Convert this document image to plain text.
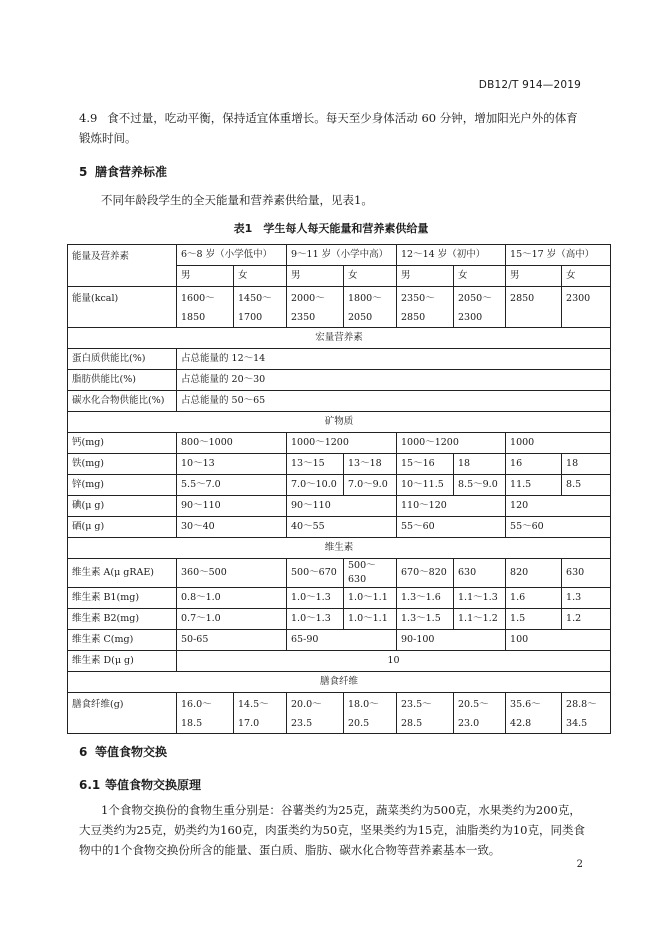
DB12/T 914—2019
4.9 食不过量，吃动平衡，保持适宜体重增长。每天至少身体活动 60 分钟，增加阳光户外的体育锻炼时间。
5 膳食营养标准
不同年龄段学生的全天能量和营养素供给量，见表1。
表1　学生每人每天能量和营养素供给量
能量及营养素	6～8 岁（小学低中）		9～11 岁（小学中高）		12～14 岁（初中）		15～17 岁（高中）	
	男	女	男	女	男	女	男	女
能量(kcal)	1600～1850	1450～1700	2000～2350	1800～2050	2350～2850	2050～2300	2850	2300
宏量营养素								
蛋白质供能比(%)	占总能量的 12～14							
脂肪供能比(%)	占总能量的 20～30							
碳水化合物供能比(%)	占总能量的 50～65							
矿物质								
钙(mg)	800～1000		1000～1200		1000～1200		1000	
铁(mg)	10～13		13～15	13～18	15～16	18	16	18
锌(mg)	5.5～7.0		7.0～10.0	7.0～9.0	10～11.5	8.5～9.0	11.5	8.5
碘(μ g)	90～110		90～110		110～120		120	
硒(μ g)	30～40		40～55		55～60		55～60	
维生素								
维生素 A(μ gRAE)	360～500		500～670	500～630	670～820	630	820	630
维生素 B1(mg)	0.8～1.0		1.0～1.3	1.0～1.1	1.3～1.6	1.1～1.3	1.6	1.3
维生素 B2(mg)	0.7～1.0		1.0～1.3	1.0～1.1	1.3～1.5	1.1～1.2	1.5	1.2
维生素 C(mg)	50-65		65-90		90-100		100	
维生素 D(μ g)	10							
膳食纤维								
膳食纤维(g)	16.0～18.5	14.5～17.0	20.0～23.5	18.0～20.5	23.5～28.5	20.5～23.0	35.6～42.8	28.8～34.5
6 等值食物交换
6.1 等值食物交换原理
1个食物交换份的食物生重分别是：谷薯类约为25克，蔬菜类约为500克，水果类约为200克，大豆类约为25克，奶类约为160克，肉蛋类约为50克，坚果类约为15克，油脂类约为10克，同类食物中的1个食物交换份所含的能量、蛋白质、脂肪、碳水化合物等营养素基本一致。
2
